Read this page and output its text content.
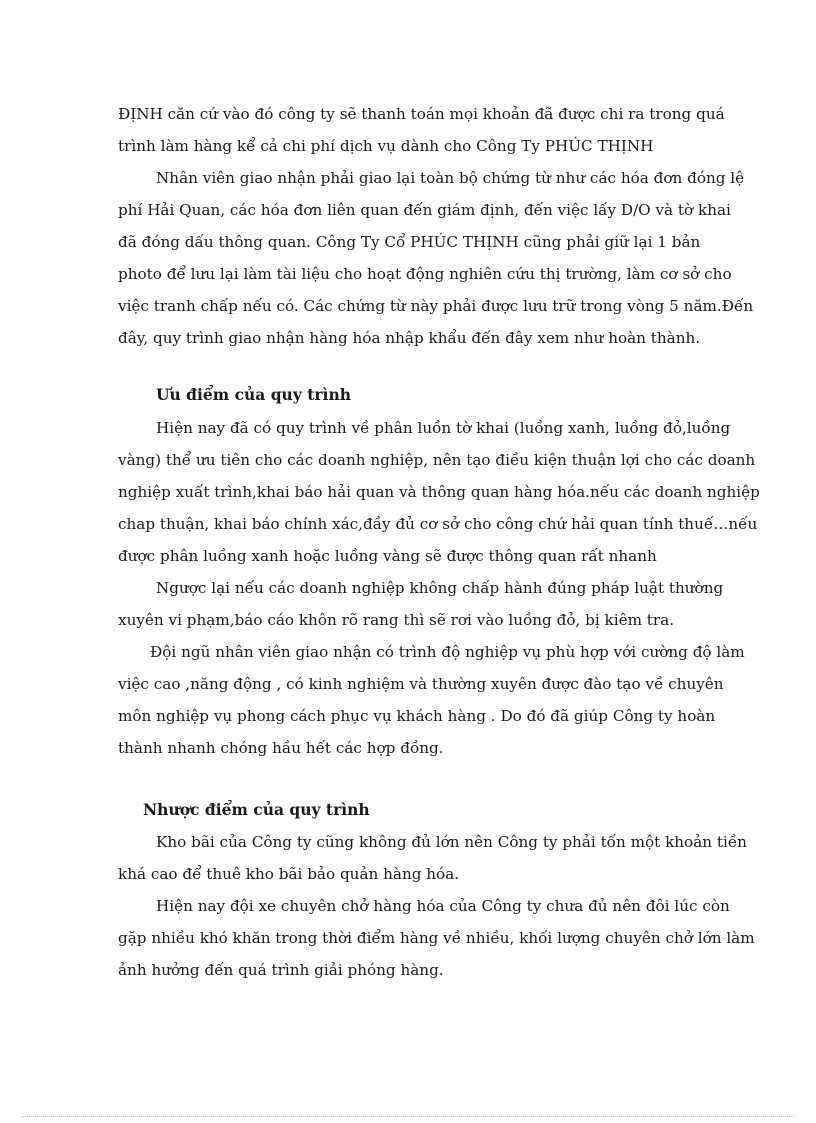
ĐỊNH căn cứ vào đó công ty sẽ thanh toán mọi khoản đã được chi ra trong quá
trình làm hàng kể cả chi phí dịch vụ dành cho Công Ty PHÚC THỊNH
Nhân viên giao nhận phải giao lại toàn bộ chứng từ như các hóa đơn đóng lệ
phí Hải Quan, các hóa đơn liên quan đến giám định, đến việc lấy D/O và tờ khai
đã đóng dấu thông quan. Công Ty Cổ PHÚC THỊNH cũng phải giữ lại 1 bản
photo để lưu lại làm tài liệu cho hoạt động nghiên cứu thị trường, làm cơ sở cho
việc tranh chấp nếu có. Các chứng từ này phải được lưu trữ trong vòng 5 năm.Đến
đây, quy trình giao nhận hàng hóa nhập khẩu đến đây xem như hoàn thành.
Ưu điểm của quy trình
Hiện nay đã có quy trình về phân luồn tờ khai (luồng xanh, luồng đỏ,luồng
vàng) thể ưu tiên cho các doanh nghiệp, nên tạo điều kiện thuận lợi cho các doanh
nghiệp xuất trình,khai báo hải quan và thông quan hàng hóa.nếu các doanh nghiệp
chap thuận, khai báo chính xác,đầy đủ cơ sở cho công chứ hải quan tính thuế…nếu
được phân luồng xanh hoặc luồng vàng sẽ được thông quan rất nhanh
Ngược lại nếu các doanh nghiệp không chấp hành đúng pháp luật thường
xuyên vi phạm,báo cáo khôn rõ rang thì sẽ rơi vào luồng đỏ, bị kiêm tra.
Đội ngũ nhân viên giao nhận có trình độ nghiệp vụ phù hợp với cường độ làm
việc cao ,năng động , có kinh nghiệm và thường xuyên được đào tạo về chuyên
môn nghiệp vụ phong cách phục vụ khách hàng . Do đó đã giúp Công ty hoàn
thành nhanh chóng hầu hết các hợp đồng.
Nhược điểm của quy trình
Kho bãi của Công ty cũng không đủ lớn nên Công ty phải tốn một khoản tiền
khá cao để thuê kho bãi bảo quản hàng hóa.
Hiện nay đội xe chuyên chở hàng hóa của Công ty chưa đủ nên đôi lúc còn
gặp nhiều khó khăn trong thời điểm hàng về nhiều, khối lượng chuyên chở lớn làm
ảnh hưởng đến quá trình giải phóng hàng.
